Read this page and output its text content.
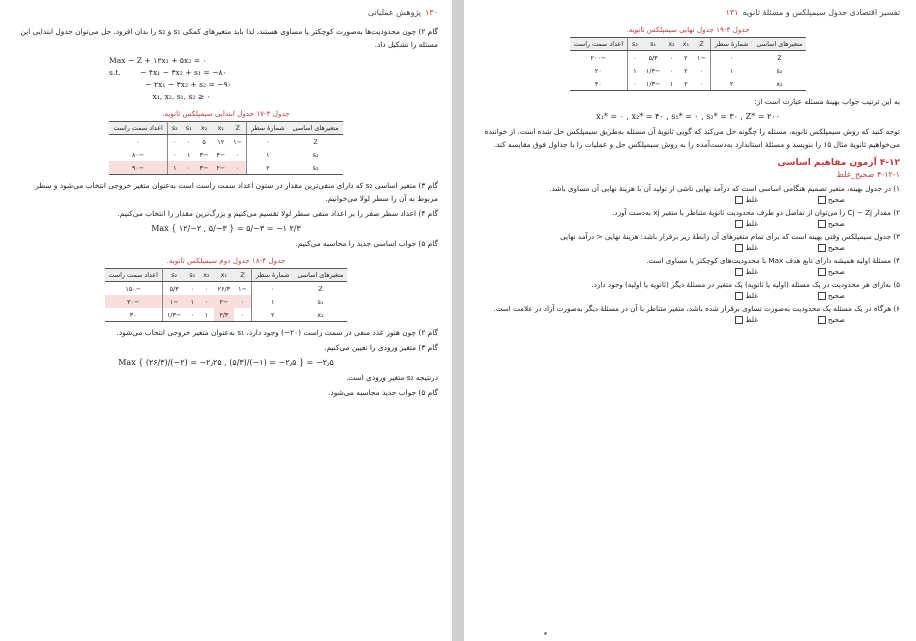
۱۳۰
پژوهش عملیاتی

گام ۲) چون محدودیت‌ها به‌صورت کوچکتر یا مساوی هستند، لذا باید متغیرهای کمکی s₁ و s₂ را بدان افزود. حل می‌توان جدول ابتدایی این مسئله را تشکیل داد.

Max − Z + ۱۲x₁ + ۵x₂ = ۰
s.t.        − ۴x₁ − ۳x₂ + s₁ = −۸۰
− ۲x₁ − ۳x₂ + s₂ = −۹۰
x₁, x₂, s₁, s₂ ≥ ۰
جدول ۴-۱۷ جدول ابتدایی سیمپلکس ثانویه.
متغیرهای اساسی	شمارهٔ سطر	Z	x₁	x₂	s₁	s₂	اعداد سمت راست
Z	۰	−۱	۱۲	۵	۰	۰	۰
s₁	۱	۰	−۴	−۳	۱	۰	−۸۰
s₂	۲	۰	−۲	−۳	۰	۱	−۹۰

گام ۳) متغیر اساسی s₂ که دارای منفی‌ترین مقدار در ستون اعداد سمت راست است به‌عنوان متغیر خروجی انتخاب می‌شود و سطر مربوط به آن را سطر لولا می‌خوانیم.

گام ۴) اعداد سطر صفر را بر اعداد منفی سطر لولا تقسیم می‌کنیم و بزرگ‌ترین مقدار را انتخاب می‌کنیم.

Max { ۱۲/−۲ , ۵/−۳ } = ۵/−۳ = −۱ ۲/۳

گام ۵) جواب اساسی جدید را محاسبه می‌کنیم.

جدول ۴-۱۸ جدول دوم سیمپلکس ثانویه.
متغیرهای اساسی	شمارهٔ سطر	Z	x₁	x₂	s₁	s₂	اعداد سمت راست
Z	۰	−۱	۲۶/۳	۰	۰	۵/۳	−۱۵۰
s₁	۱	۰	−۲	۰	۱	−۱	−۲۰
x₂	۲	۰	۲/۳	۱	۰	−۱/۳	۳۰

گام ۲) چون هنوز عدد منفی در سمت راست (۲۰−) وجود دارد، s₁ به‌عنوان متغیر خروجی انتخاب می‌شود.

گام ۳) متغیر ورودی را تعیین می‌کنیم.

Max { (۲۶/۳)/(−۲) = −۲٫۲۵ , (۵/۳)/(−۱) = −۲٫۵ } = −۲٫۵

درنتیجه s₂ متغیر ورودی است.

گام ۵) جواب جدید محاسبه می‌شود.

تفسیر اقتصادی جدول سیمپلکس و مسئلهٔ ثانویه
۱۳۱
جدول ۴-۱۹ جدول نهایی سیمپلکس ثانویه.
متغیرهای اساسی	شمارهٔ سطر	Z	x₁	x₂	s₁	s₂	اعداد سمت راست
Z	۰	−۱	۲	۰	۵/۳	۰	−۲۰۰
s₂	۱	۰	۲	۰	−۱/۳	۱	۲۰
x₂	۲	۰	۲	۱	−۱/۳	۰	۴۰

به این ترتیب جواب بهینهٔ مسئله عبارت است از:

x₁* = ۰ , x₂* = ۴۰ , s₁* = ۰ , s₂* = ۳۰ , Z* = ۲۰۰

توجه کنید که روش سیمپلکس ثانویه، مسئله را چگونه حل می‌کند که گویی ثانویهٔ آن مسئله به‌طریق سیمپلکس حل شده است. از خواننده می‌خواهیم ثانویهٔ مثال ۱۵ را بنویسد و مسئلهٔ استاندارد به‌دست‌آمده را به روش سیمپلکس حل و عملیات را با جداول فوق مقایسه کند.

۴-۱۲ آزمون مفاهیم اساسی
۴-۱۲-۱ صحیح_غلط

۱) در جدول بهینه، متغیر تصمیم هنگامی اساسی است که درآمد نهایی ناشی از تولید آن با هزینهٔ نهایی آن مساوی باشد.

صحیح
غلط

۲) مقدار Cj − Zj را می‌توان از تفاضل دو طرف محدودیت ثانویهٔ متناظر با متغیر xj به‌دست آورد.

صحیح
غلط

۳) جدول سیمپلکس وقتی بهینه است که برای تمام متغیرهای آن رابطهٔ زیر برقرار باشد: هزینهٔ نهایی < درآمد نهایی

صحیح
غلط

۴) مسئلهٔ اولیه همیشه دارای تابع هدف Max با محدودیت‌های کوچکتر یا مساوی است.

صحیح
غلط

۵) به‌ازای هر محدودیت در یک مسئله (اولیه یا ثانویه) یک متغیر در مسئلهٔ دیگر (ثانویه یا اولیه) وجود دارد.

صحیح
غلط

۶) هرگاه در یک مسئله یک محدودیت به‌صورت تساوی برقرار شده باشد، متغیر متناظر با آن در مسئلهٔ دیگر به‌صورت آزاد در علامت است.

صحیح
غلط
